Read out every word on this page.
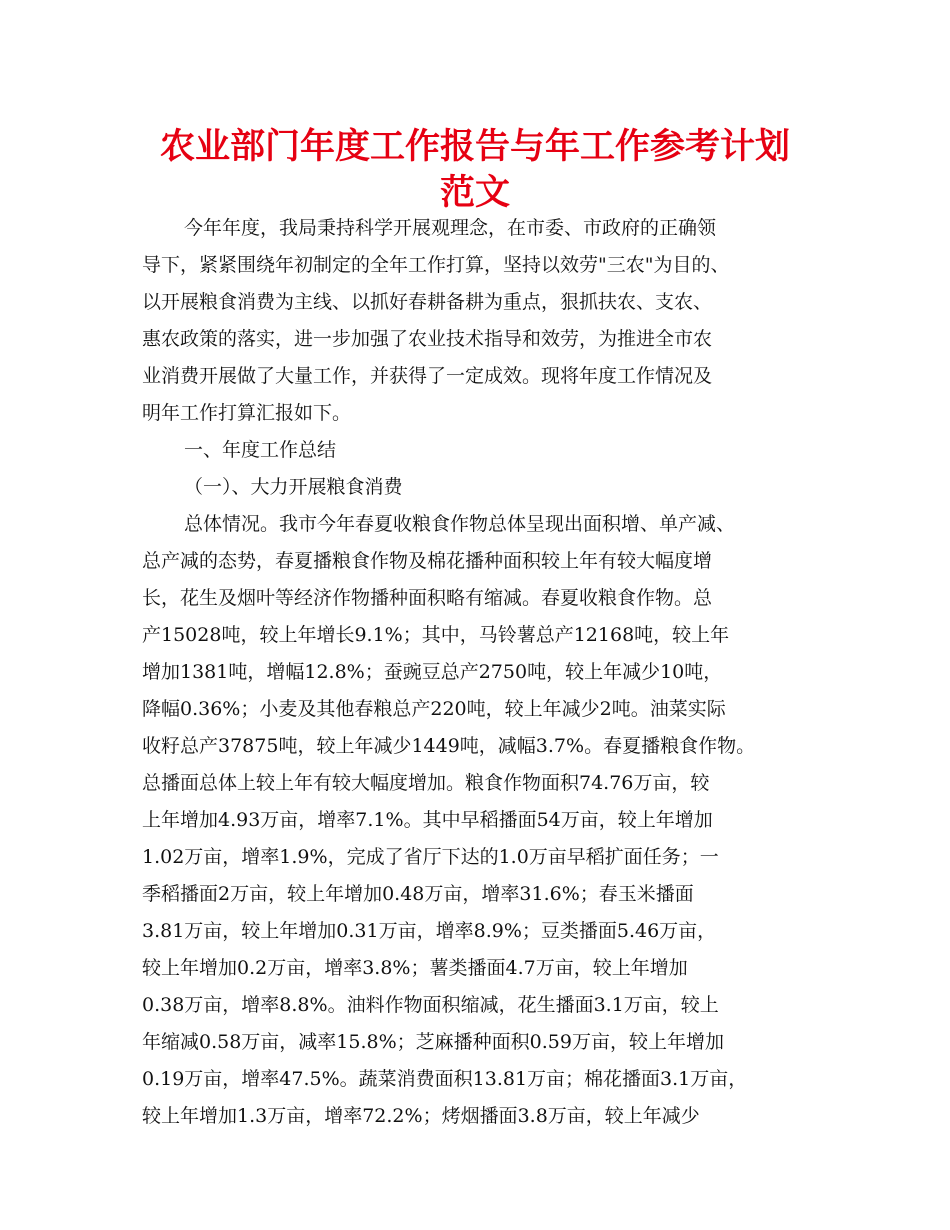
农业部门年度工作报告与年工作参考计划
范文
今年年度，我局秉持科学开展观理念，在市委、市政府的正确领
导下，紧紧围绕年初制定的全年工作打算，坚持以效劳"三农"为目的、
以开展粮食消费为主线、以抓好春耕备耕为重点，狠抓扶农、支农、
惠农政策的落实，进一步加强了农业技术指导和效劳，为推进全市农
业消费开展做了大量工作，并获得了一定成效。现将年度工作情况及
明年工作打算汇报如下。
一、年度工作总结
（一）、大力开展粮食消费
总体情况。我市今年春夏收粮食作物总体呈现出面积增、单产减、
总产减的态势，春夏播粮食作物及棉花播种面积较上年有较大幅度增
长，花生及烟叶等经济作物播种面积略有缩减。春夏收粮食作物。总
产15028吨，较上年增长9.1%；其中，马铃薯总产12168吨，较上年
增加1381吨，增幅12.8%；蚕豌豆总产2750吨，较上年减少10吨，
降幅0.36%；小麦及其他春粮总产220吨，较上年减少2吨。油菜实际
收籽总产37875吨，较上年减少1449吨，减幅3.7%。春夏播粮食作物。
总播面总体上较上年有较大幅度增加。粮食作物面积74.76万亩，较
上年增加4.93万亩，增率7.1%。其中早稻播面54万亩，较上年增加
1.02万亩，增率1.9%，完成了省厅下达的1.0万亩早稻扩面任务；一
季稻播面2万亩，较上年增加0.48万亩，增率31.6%；春玉米播面
3.81万亩，较上年增加0.31万亩，增率8.9%；豆类播面5.46万亩，
较上年增加0.2万亩，增率3.8%；薯类播面4.7万亩，较上年增加
0.38万亩，增率8.8%。油料作物面积缩减，花生播面3.1万亩，较上
年缩减0.58万亩，减率15.8%；芝麻播种面积0.59万亩，较上年增加
0.19万亩，增率47.5%。蔬菜消费面积13.81万亩；棉花播面3.1万亩，
较上年增加1.3万亩，增率72.2%；烤烟播面3.8万亩，较上年减少
